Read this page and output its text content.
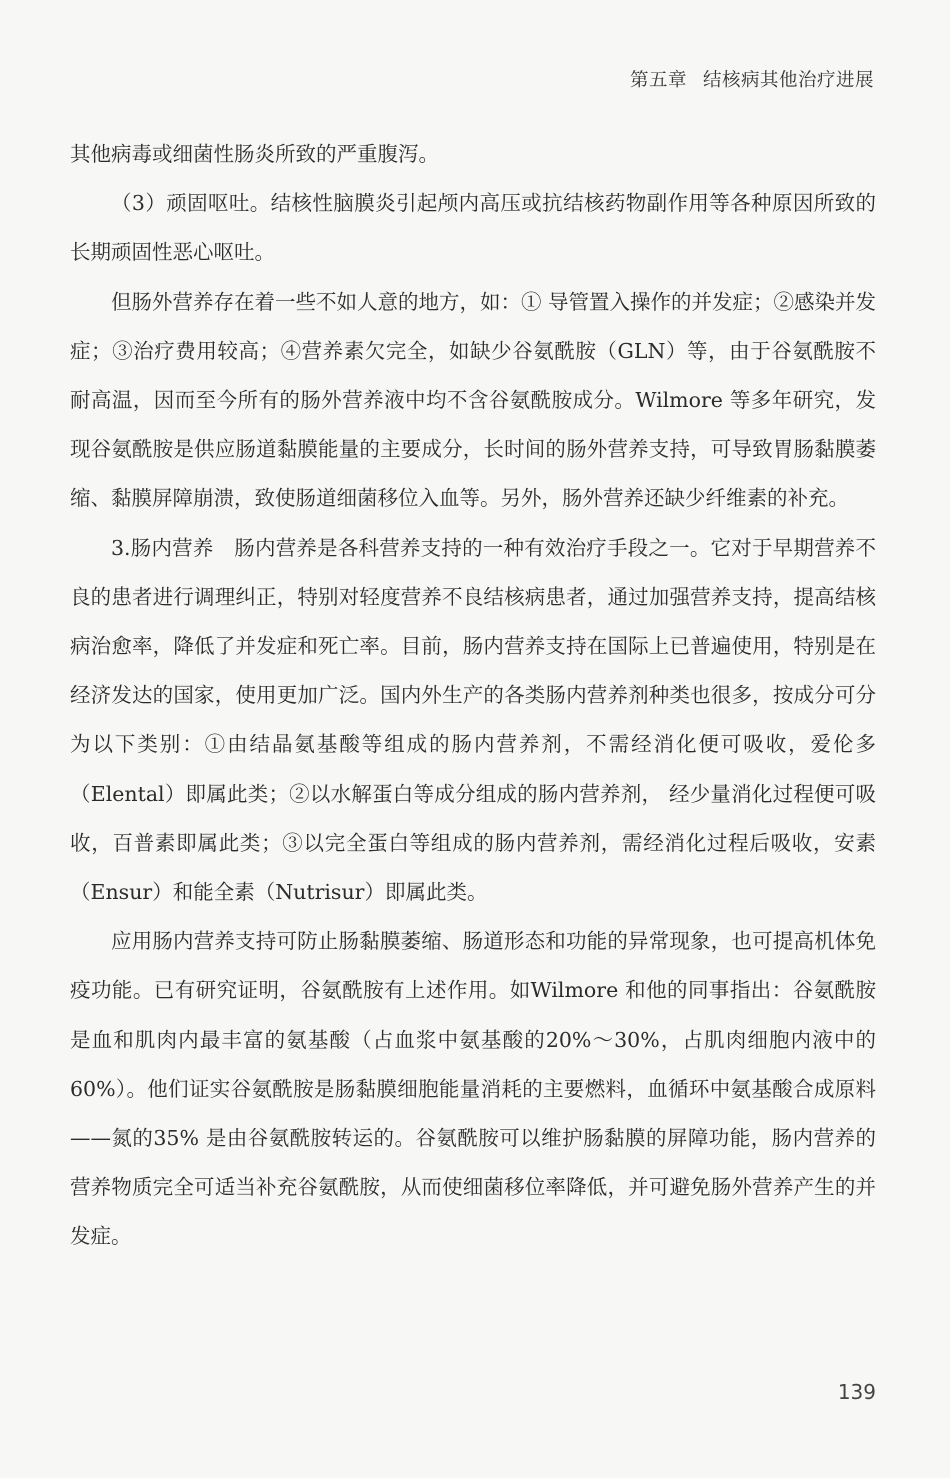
第五章 结核病其他治疗进展

其他病毒或细菌性肠炎所致的严重腹泻。

（3）顽固呕吐。结核性脑膜炎引起颅内高压或抗结核药物副作用等各种原因所致的长期顽固性恶心呕吐。

但肠外营养存在着一些不如人意的地方，如：① 导管置入操作的并发症；②感染并发症；③治疗费用较高；④营养素欠完全，如缺少谷氨酰胺（GLN）等，由于谷氨酰胺不耐高温，因而至今所有的肠外营养液中均不含谷氨酰胺成分。Wilmore 等多年研究，发现谷氨酰胺是供应肠道黏膜能量的主要成分，长时间的肠外营养支持，可导致胃肠黏膜萎缩、黏膜屏障崩溃，致使肠道细菌移位入血等。另外，肠外营养还缺少纤维素的补充。

3.肠内营养　肠内营养是各科营养支持的一种有效治疗手段之一。它对于早期营养不良的患者进行调理纠正，特别对轻度营养不良结核病患者，通过加强营养支持，提高结核病治愈率，降低了并发症和死亡率。目前，肠内营养支持在国际上已普遍使用，特别是在经济发达的国家，使用更加广泛。国内外生产的各类肠内营养剂种类也很多，按成分可分为以下类别：①由结晶氨基酸等组成的肠内营养剂，不需经消化便可吸收，爱伦多（Elental）即属此类；②以水解蛋白等成分组成的肠内营养剂， 经少量消化过程便可吸收，百普素即属此类；③以完全蛋白等组成的肠内营养剂，需经消化过程后吸收，安素（Ensur）和能全素（Nutrisur）即属此类。

应用肠内营养支持可防止肠黏膜萎缩、肠道形态和功能的异常现象，也可提高机体免疫功能。已有研究证明，谷氨酰胺有上述作用。如Wilmore 和他的同事指出：谷氨酰胺是血和肌肉内最丰富的氨基酸（占血浆中氨基酸的20%～30%，占肌肉细胞内液中的 60%）。他们证实谷氨酰胺是肠黏膜细胞能量消耗的主要燃料，血循环中氨基酸合成原料——氮的35% 是由谷氨酰胺转运的。谷氨酰胺可以维护肠黏膜的屏障功能，肠内营养的营养物质完全可适当补充谷氨酰胺，从而使细菌移位率降低，并可避免肠外营养产生的并发症。

139
